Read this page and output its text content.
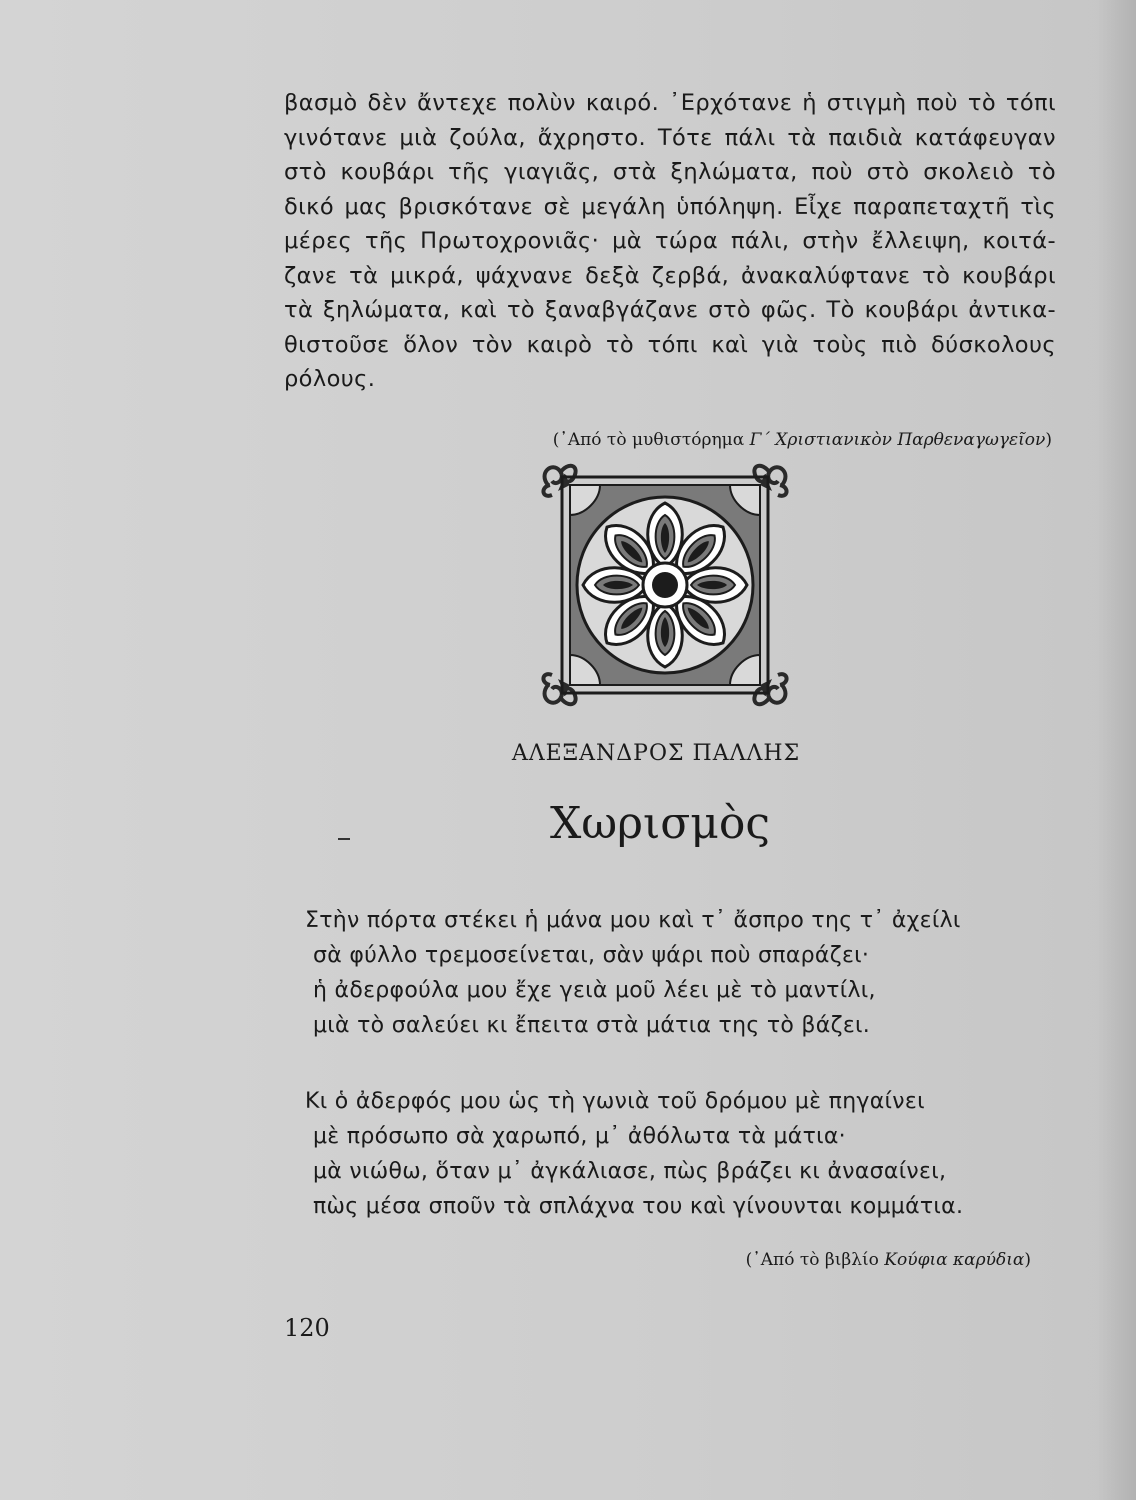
βασμὸ δὲν ἄντεχε πολὺν καιρό. ᾿Ερχότανε ἡ στιγμὴ ποὺ τὸ τόπι
γινότανε μιὰ ζούλα, ἄχρηστο. Τότε πάλι τὰ παιδιὰ κατάφευγαν
στὸ κουβάρι τῆς γιαγιᾶς, στὰ ξηλώματα, ποὺ στὸ σκολειὸ τὸ
δικό μας βρισκότανε σὲ μεγάλη ὑπόληψη. Εἶχε παραπεταχτῆ τὶς
μέρες τῆς Πρωτοχρονιᾶς· μὰ τώρα πάλι, στὴν ἔλλειψη, κοιτά-
ζανε τὰ μικρά, ψάχνανε δεξὰ ζερβά, ἀνακαλύφτανε τὸ κουβάρι
τὰ ξηλώματα, καὶ τὸ ξαναβγάζανε στὸ φῶς. Τὸ κουβάρι ἀντικα-
θιστοῦσε ὅλον τὸν καιρὸ τὸ τόπι καὶ γιὰ τοὺς πιὸ δύσκολους
ρόλους.
(᾿Από τὸ μυθιστόρημα Γ΄ Χριστιανικὸν Παρθεναγωγεῖον)
ΑΛΕΞΑΝΔΡΟΣ ΠΑΛΛΗΣ
Χωρισμὸς
Στὴν πόρτα στέκει ἡ μάνα μου καὶ τ᾿ ἄσπρο της τ᾿ ἀχείλι
σὰ φύλλο τρεμοσείνεται, σὰν ψάρι ποὺ σπαράζει·
ἡ ἀδερφούλα μου ἔχε γειὰ μοῦ λέει μὲ τὸ μαντίλι,
μιὰ τὸ σαλεύει κι ἔπειτα στὰ μάτια της τὸ βάζει.
Κι ὁ ἀδερφός μου ὡς τὴ γωνιὰ τοῦ δρόμου μὲ πηγαίνει
μὲ πρόσωπο σὰ χαρωπό, μ᾿ ἀθόλωτα τὰ μάτια·
μὰ νιώθω, ὅταν μ᾿ ἀγκάλιασε, πὼς βράζει κι ἀνασαίνει,
πὼς μέσα σποῦν τὰ σπλάχνα του καὶ γίνουνται κομμάτια.
(᾿Από τὸ βιβλίο Κούφια καρύδια)
120
